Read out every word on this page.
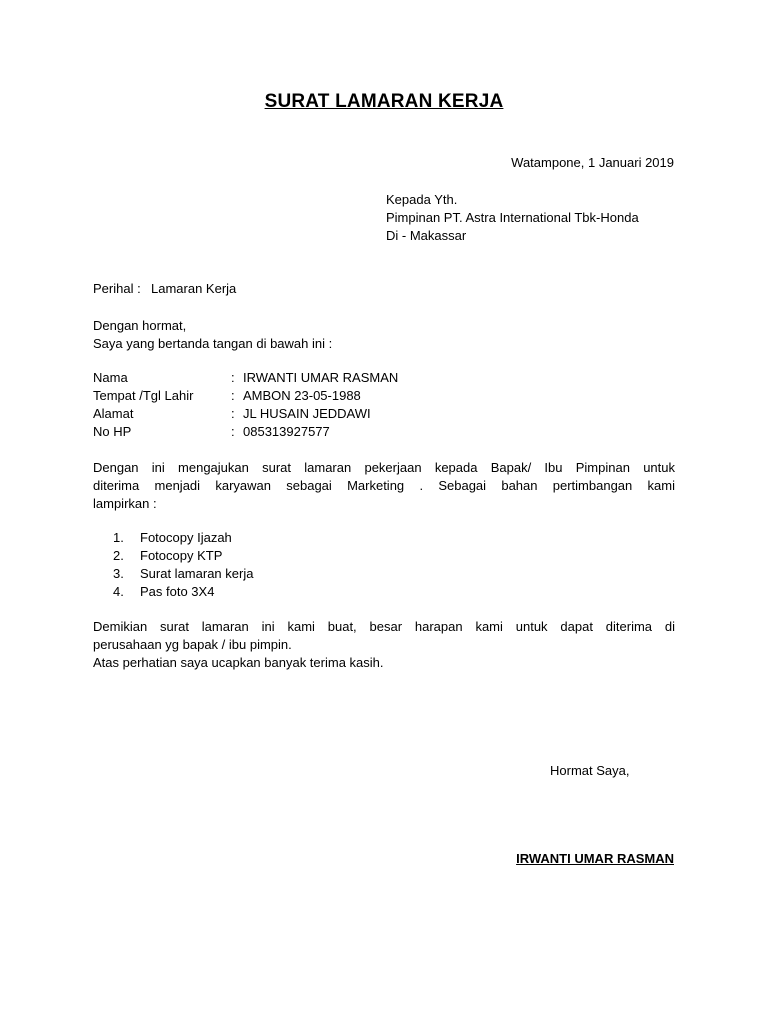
SURAT LAMARAN KERJA
Watampone, 1 Januari 2019
Kepada Yth.
Pimpinan PT. Astra International Tbk-Honda
Di - Makassar
Perihal : Lamaran Kerja
Dengan hormat,
Saya yang bertanda tangan di bawah ini :
Nama	: IRWANTI UMAR RASMAN
Tempat /Tgl Lahir	: AMBON 23-05-1988
Alamat	: JL HUSAIN JEDDAWI
No HP	: 085313927577
Dengan ini mengajukan surat lamaran pekerjaan kepada Bapak/ Ibu Pimpinan untuk
diterima menjadi karyawan sebagai Marketing . Sebagai bahan pertimbangan kami
lampirkan :
1. Fotocopy Ijazah
2. Fotocopy KTP
3. Surat lamaran kerja
4. Pas foto 3X4
Demikian surat lamaran ini kami buat, besar harapan kami untuk dapat diterima di
perusahaan yg bapak / ibu pimpin.
Atas perhatian saya ucapkan banyak terima kasih.
Hormat Saya,
IRWANTI UMAR RASMAN
